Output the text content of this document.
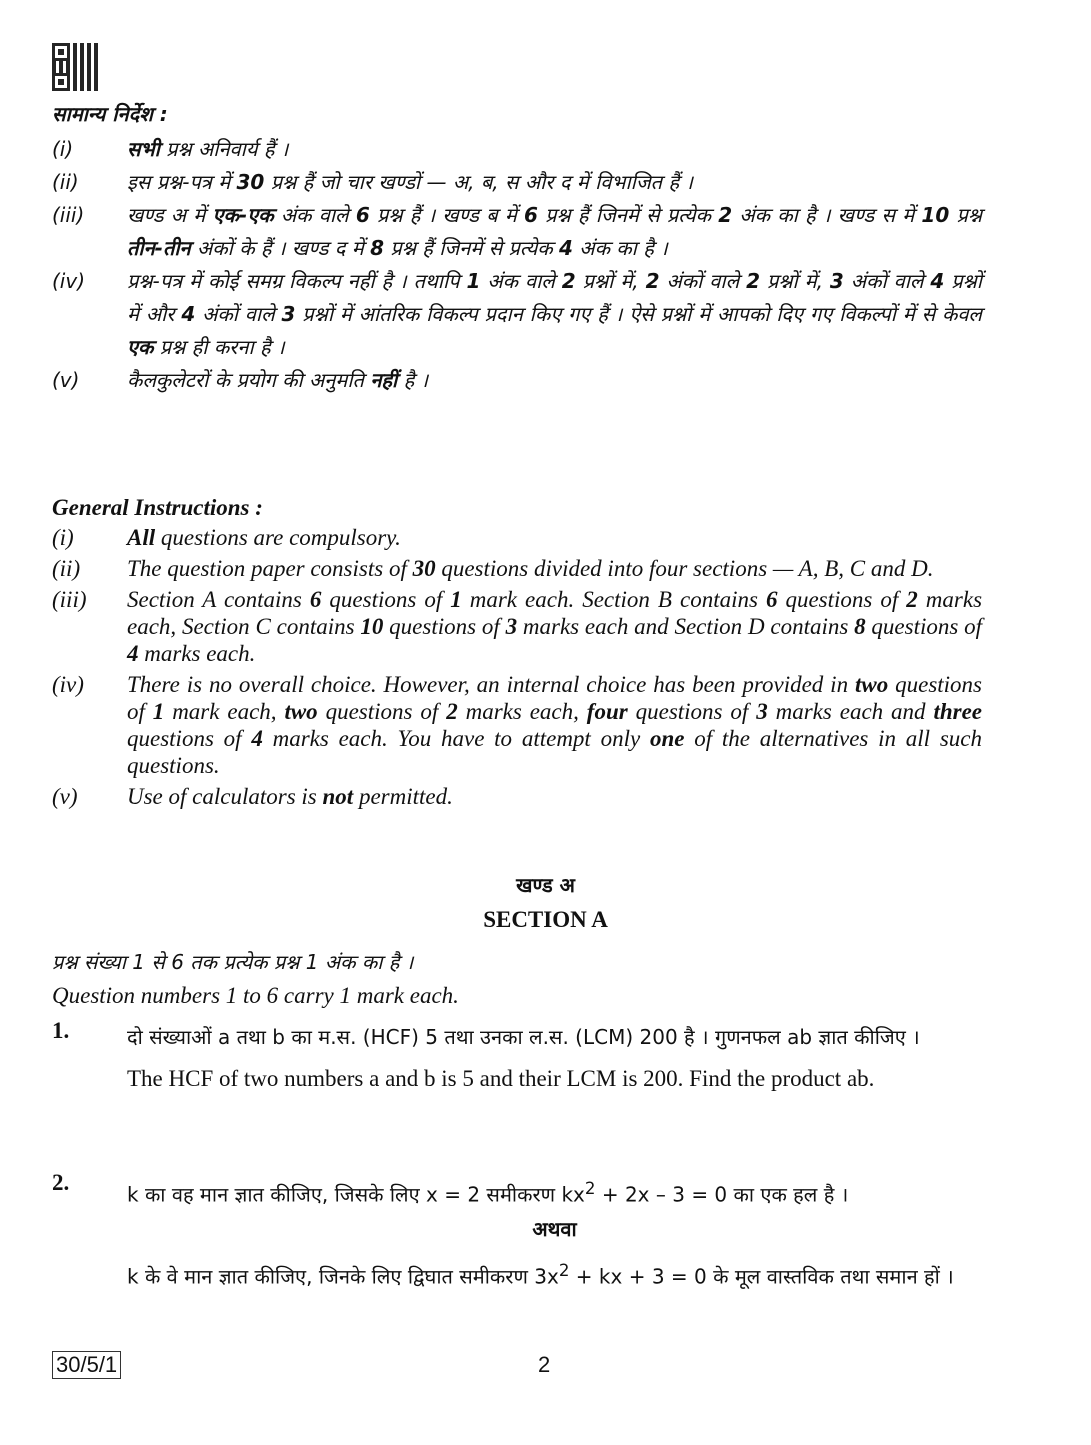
सामान्य निर्देश :
(i)	सभी प्रश्न अनिवार्य हैं ।
(ii)	इस प्रश्न-पत्र में 30 प्रश्न हैं जो चार खण्डों — अ, ब, स और द में विभाजित हैं ।
(iii)	खण्ड अ में एक-एक अंक वाले 6 प्रश्न हैं । खण्ड ब में 6 प्रश्न हैं जिनमें से प्रत्येक 2 अंक का है । खण्ड स में 10 प्रश्न तीन-तीन अंकों के हैं । खण्ड द में 8 प्रश्न हैं जिनमें से प्रत्येक 4 अंक का है ।
(iv)	प्रश्न-पत्र में कोई समग्र विकल्प नहीं है । तथापि 1 अंक वाले 2 प्रश्नों में, 2 अंकों वाले 2 प्रश्नों में, 3 अंकों वाले 4 प्रश्नों में और 4 अंकों वाले 3 प्रश्नों में आंतरिक विकल्प प्रदान किए गए हैं । ऐसे प्रश्नों में आपको दिए गए विकल्पों में से केवल एक प्रश्न ही करना है ।
(v)	कैलकुलेटरों के प्रयोग की अनुमति नहीं है ।
General Instructions :
(i)	All questions are compulsory.
(ii)	The question paper consists of 30 questions divided into four sections — A, B, C and D.
(iii)	Section A contains 6 questions of 1 mark each. Section B contains 6 questions of 2 marks each, Section C contains 10 questions of 3 marks each and Section D contains 8 questions of 4 marks each.
(iv)	There is no overall choice. However, an internal choice has been provided in two questions of 1 mark each, two questions of 2 marks each, four questions of 3 marks each and three questions of 4 marks each. You have to attempt only one of the alternatives in all such questions.
(v)	Use of calculators is not permitted.
खण्ड अ
SECTION A
प्रश्न संख्या 1 से 6 तक प्रत्येक प्रश्न 1 अंक का है ।
Question numbers 1 to 6 carry 1 mark each.
1.	दो संख्याओं a तथा b का म.स. (HCF) 5 तथा उनका ल.स. (LCM) 200 है । गुणनफल ab ज्ञात कीजिए ।
The HCF of two numbers a and b is 5 and their LCM is 200. Find the product ab.
2.	k का वह मान ज्ञात कीजिए, जिसके लिए x = 2 समीकरण $kx^2 + 2x - 3 = 0$ का एक हल है ।
अथवा
k के वे मान ज्ञात कीजिए, जिनके लिए द्विघात समीकरण $3x^2$ + kx + 3 = 0 के मूल वास्तविक तथा समान हों ।
30/5/1	2
